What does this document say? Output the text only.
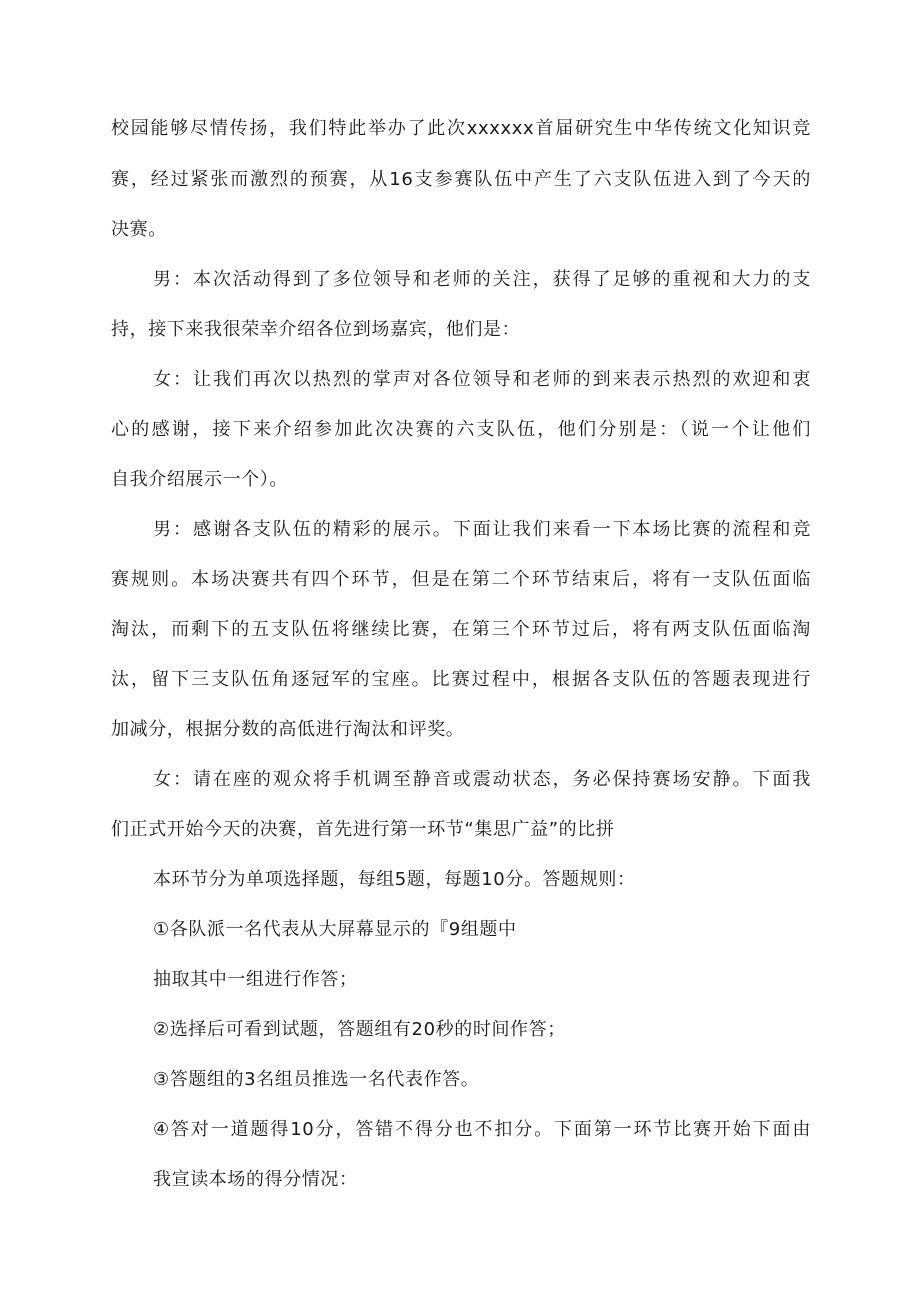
校园能够尽情传扬，我们特此举办了此次xxxxxx首届研究生中华传统文化知识竞
赛，经过紧张而激烈的预赛，从16支参赛队伍中产生了六支队伍进入到了今天的
决赛。
男：本次活动得到了多位领导和老师的关注，获得了足够的重视和大力的支
持，接下来我很荣幸介绍各位到场嘉宾，他们是：
女：让我们再次以热烈的掌声对各位领导和老师的到来表示热烈的欢迎和衷
心的感谢，接下来介绍参加此次决赛的六支队伍，他们分别是：（说一个让他们
自我介绍展示一个）。
男：感谢各支队伍的精彩的展示。下面让我们来看一下本场比赛的流程和竞
赛规则。本场决赛共有四个环节，但是在第二个环节结束后，将有一支队伍面临
淘汰，而剩下的五支队伍将继续比赛，在第三个环节过后，将有两支队伍面临淘
汰，留下三支队伍角逐冠军的宝座。比赛过程中，根据各支队伍的答题表现进行
加减分，根据分数的高低进行淘汰和评奖。
女：请在座的观众将手机调至静音或震动状态，务必保持赛场安静。下面我
们正式开始今天的决赛，首先进行第一环节“集思广益”的比拼
本环节分为单项选择题，每组5题，每题10分。答题规则：
①各队派一名代表从大屏幕显示的『9组题中
抽取其中一组进行作答；
②选择后可看到试题，答题组有20秒的时间作答；
③答题组的3名组员推选一名代表作答。
④答对一道题得10分，答错不得分也不扣分。下面第一环节比赛开始下面由
我宣读本场的得分情况：
